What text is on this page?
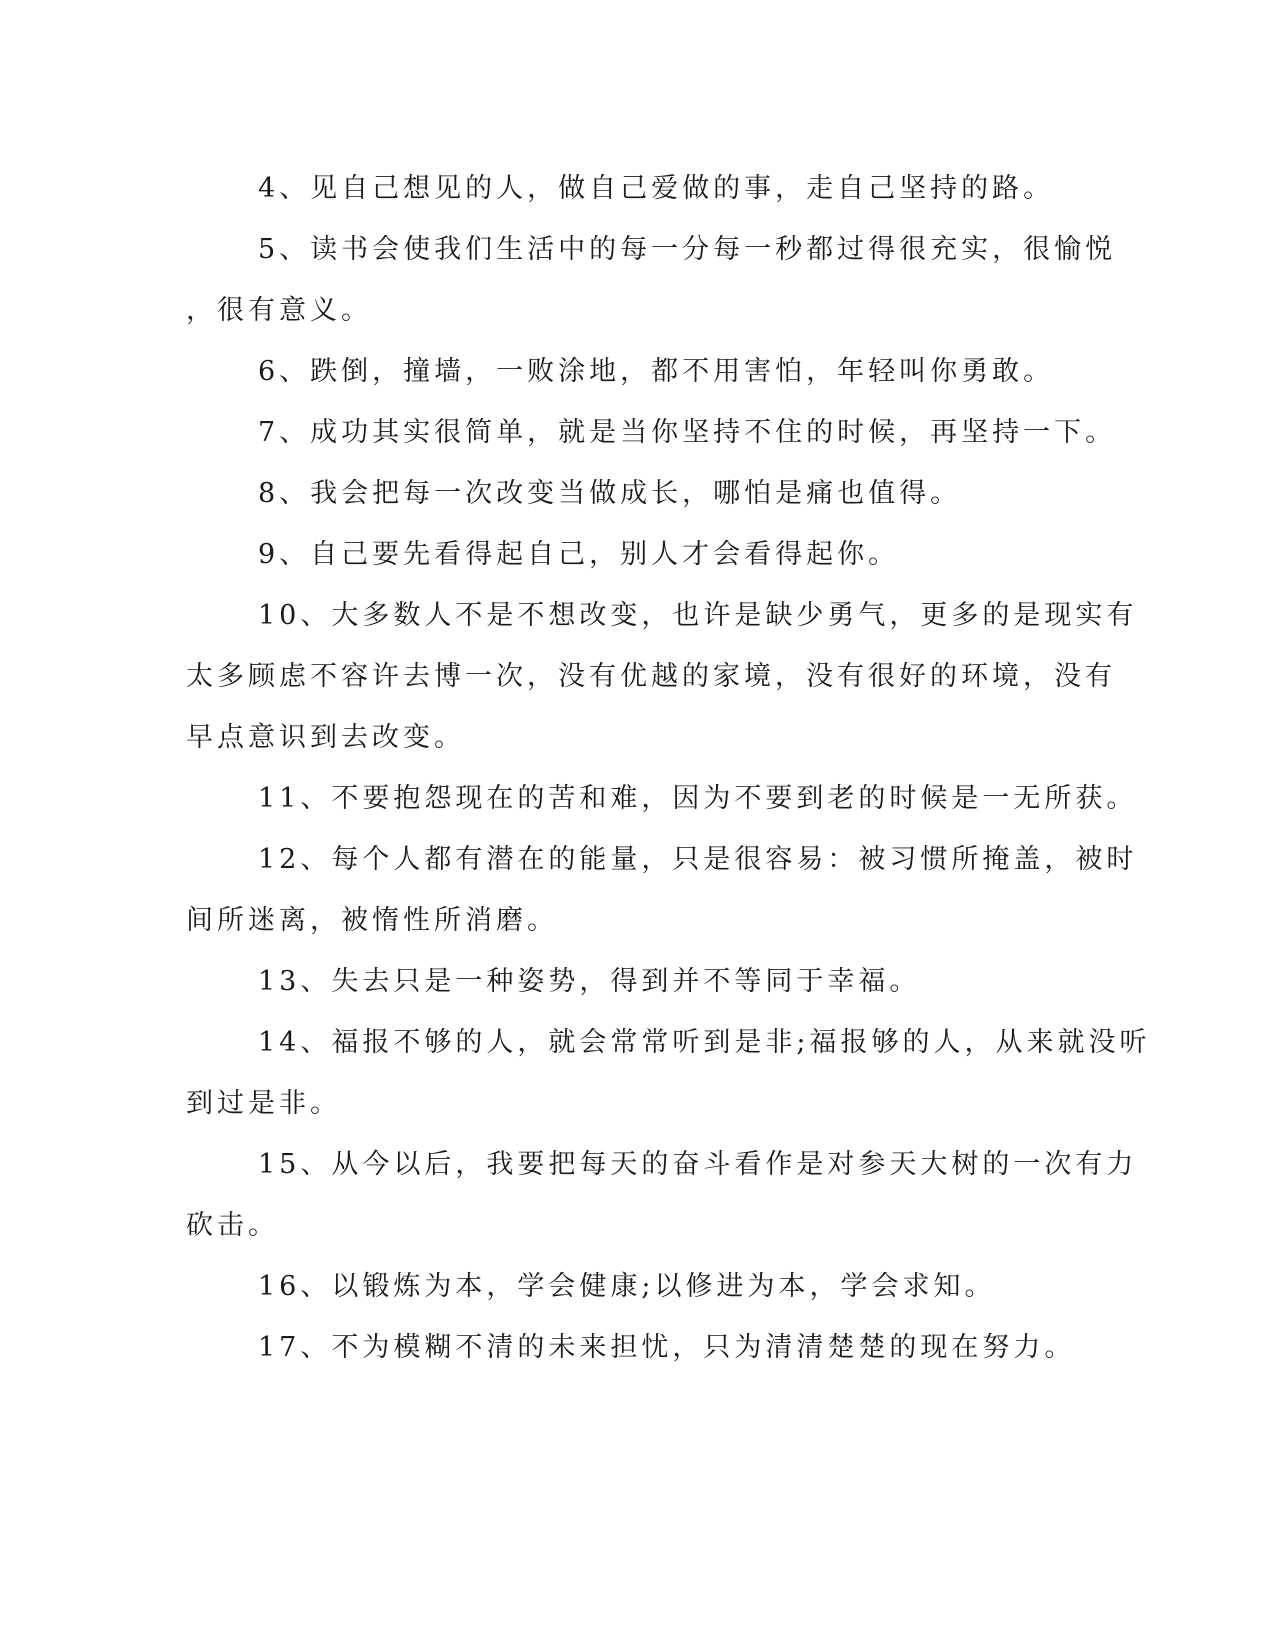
4、见自己想见的人，做自己爱做的事，走自己坚持的路。
5、读书会使我们生活中的每一分每一秒都过得很充实，很愉悦
，很有意义。
6、跌倒，撞墙，一败涂地，都不用害怕，年轻叫你勇敢。
7、成功其实很简单，就是当你坚持不住的时候，再坚持一下。
8、我会把每一次改变当做成长，哪怕是痛也值得。
9、自己要先看得起自己，别人才会看得起你。
10、大多数人不是不想改变，也许是缺少勇气，更多的是现实有
太多顾虑不容许去博一次，没有优越的家境，没有很好的环境，没有
早点意识到去改变。
11、不要抱怨现在的苦和难，因为不要到老的时候是一无所获。
12、每个人都有潜在的能量，只是很容易：被习惯所掩盖，被时
间所迷离，被惰性所消磨。
13、失去只是一种姿势，得到并不等同于幸福。
14、福报不够的人，就会常常听到是非;福报够的人，从来就没听
到过是非。
15、从今以后，我要把每天的奋斗看作是对参天大树的一次有力
砍击。
16、以锻炼为本，学会健康;以修进为本，学会求知。
17、不为模糊不清的未来担忧，只为清清楚楚的现在努力。
